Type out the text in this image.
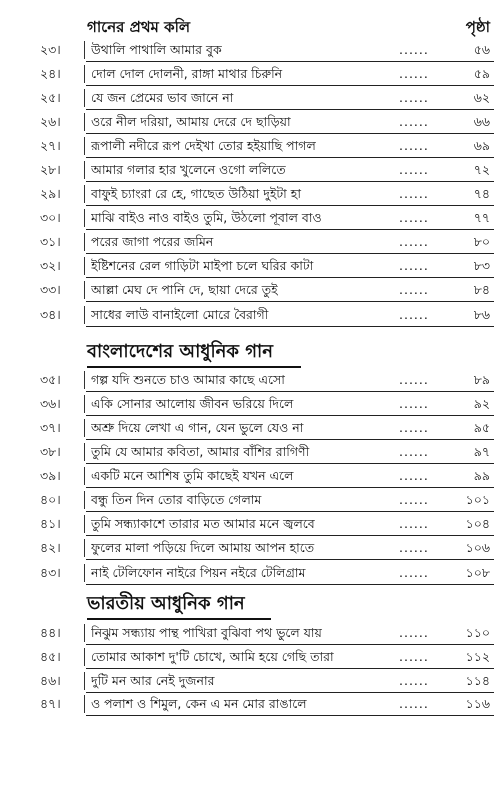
গানের প্রথম কলি	পৃষ্ঠা
২৩।	উথালি পাথালি আমার বুক	......	৫৬
২৪।	দোল দোল দোলনী, রাঙ্গা মাথার চিরুনি	......	৫৯
২৫।	যে জন প্রেমের ভাব জানে না	......	৬২
২৬।	ওরে নীল দরিয়া, আমায় দেরে দে ছাড়িয়া	......	৬৬
২৭।	রূপালী নদীরে রূপ দেইখা তোর হইয়াছি পাগল	......	৬৯
২৮।	আমার গলার হার খুলেনে ওগো ললিতে	......	৭২
২৯।	বাফুই চ্যাংরা রে হে, গাছেত উঠিয়া দুইটা হা	......	৭৪
৩০।	মাঝি বাইও নাও বাইও তুমি, উঠলো পূবাল বাও	......	৭৭
৩১।	পরের জাগা পরের জমিন	......	৮০
৩২।	ইষ্টিশনের রেল গাড়িটা মাইপা চলে ঘরির কাটা	......	৮৩
৩৩।	আল্লা মেঘ দে পানি দে, ছায়া দেরে তুই	......	৮৪
৩৪।	সাধের লাউ বানাইলো মোরে বৈরাগী	......	৮৬
৩৫।	গল্প যদি শুনতে চাও আমার কাছে এসো	......	৮৯
৩৬।	একি সোনার আলোয় জীবন ভরিয়ে দিলে	......	৯২
৩৭।	অশ্রু দিয়ে লেখা এ গান, যেন ভুলে যেও না	......	৯৫
৩৮।	তুমি যে আমার কবিতা, আমার বাঁশির রাগিণী	......	৯৭
৩৯।	একটি মনে আশিষ তুমি কাছেই যখন এলে	......	৯৯
৪০।	বন্ধু তিন দিন তোর বাড়িতে গেলাম	......	১০১
৪১।	তুমি সন্ধ্যাকাশে তারার মত আমার মনে জ্বলবে	......	১০৪
৪২।	ফুলের মালা পড়িয়ে দিলে আমায় আপন হাতে	......	১০৬
৪৩।	নাই টেলিফোন নাইরে পিয়ন নইরে টেলিগ্রাম	......	১০৮
৪৪।	নিঝুম সন্ধ্যায় পান্থ পাখিরা বুঝিবা পথ ভুলে যায়	......	১১০
৪৫।	তোমার আকাশ দু'টি চোখে, আমি হয়ে গেছি তারা	......	১১২
৪৬।	দুটি মন আর নেই দুজনার	......	১১৪
৪৭।	ও পলাশ ও শিমুল, কেন এ মন মোর রাঙালে	......	১১৬
বাংলাদেশের আধুনিক গান
ভারতীয় আধুনিক গান
